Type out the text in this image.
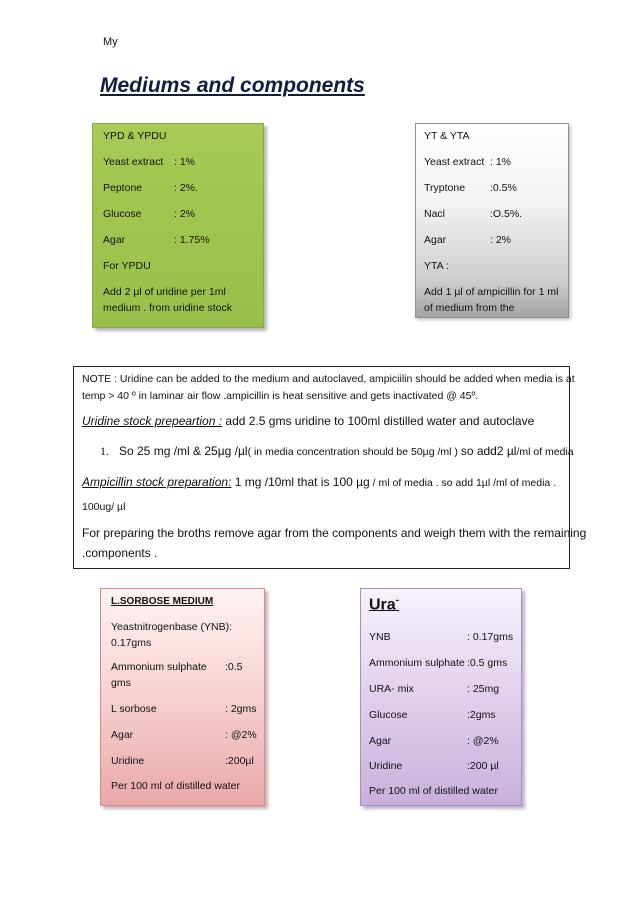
My
Mediums and components
YPD & YPDU
Yeast extract : 1%
Peptone	: 2%.
Glucose	: 2%
Agar	: 1.75%
For YPDU
Add 2 µl of uridine per 1ml
medium . from uridine stock
YT & YTA
Yeast extract : 1%
Tryptone :0.5%
Nacl	:O.5%.
Agar	: 2%
YTA :
Add 1 µl of ampicillin for 1 ml
of medium from the
NOTE : Uridine can be added to the medium and autoclaved, ampiciilin should be added when media is at
temp > 40 º in laminar air flow .ampicillin is heat sensitive and gets inactivated @ 45º.
Uridine stock prepeartion : add 2.5 gms uridine to 100ml distilled water and autoclave
1. So 25 mg /ml & 25µg /µl( in media concentration should be 50µg /ml ) so add2 µl/ml of media
Ampicillin stock preparation: 1 mg /10ml that is 100 µg / ml of media . so add 1µl /ml of media .
100ug/ µl
For preparing the broths remove agar from the components and weigh them with the remaining
.components .
L.SORBOSE MEDIUM
Yeastnitrogenbase (YNB):
0.17gms
Ammonium sulphate :0.5
gms
L sorbose	: 2gms
Agar	: @2%
Uridine	:200µl
Per 100 ml of distilled water
Ura-
YNB	: 0.17gms
Ammonium sulphate :0.5 gms
URA- mix	: 25mg
Glucose	:2gms
Agar	: @2%
Uridine	:200 µl
Per 100 ml of distilled water
